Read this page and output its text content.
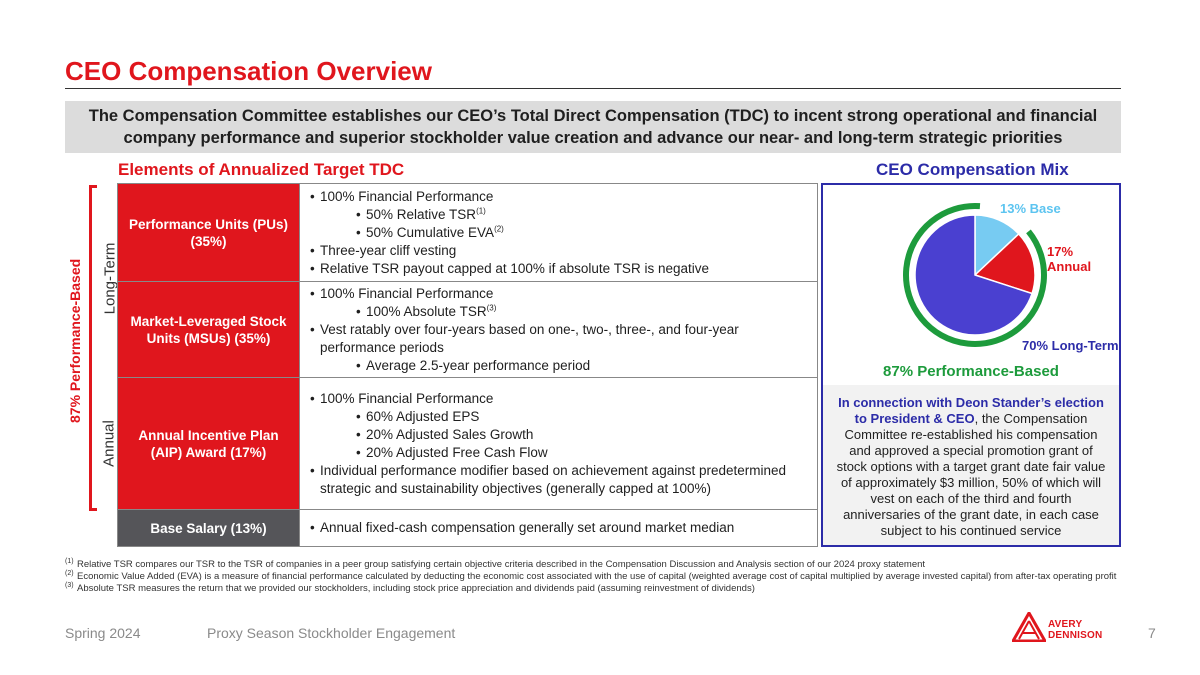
CEO Compensation Overview
The Compensation Committee establishes our CEO’s Total Direct Compensation (TDC) to incent strong operational and financial company performance and superior stockholder value creation and advance our near- and long-term strategic priorities
Elements of Annualized Target TDC	CEO Compensation Mix
87% Performance-Based Long-Term
Annual
Performance Units (PUs) (35%)
• 100% Financial Performance
• 50% Relative TSR$^{(1)}$
• 50% Cumulative EVA$^{(2)}$
• Three-year cliff vesting
• Relative TSR payout capped at 100% if absolute TSR is negative
Market-Leveraged Stock Units (MSUs) (35%)
• 100% Financial Performance
• 100% Absolute TSR$^{(3)}$
• Vest ratably over four-years based on one-, two-, three-, and four-year performance periods
• Average 2.5-year performance period
Annual Incentive Plan (AIP) Award (17%)
• 100% Financial Performance
• 60% Adjusted EPS
• 20% Adjusted Sales Growth
• 20% Adjusted Free Cash Flow
• Individual performance modifier based on achievement against predetermined strategic and sustainability objectives (generally capped at 100%)
Base Salary (13%)
•	Annual fixed-cash compensation generally set around market median
13% Base
17% Annual
70% Long-Term
87% Performance-Based
In connection with Deon Stander’s election to President & CEO, the Compensation Committee re-established his compensation and approved a special promotion grant of stock options with a target grant date fair value of approximately $3 million, 50% of which will vest on each of the third and fourth anniversaries of the grant date, in each case subject to his continued service
(1) Relative TSR compares our TSR to the TSR of companies in a peer group satisfying certain objective criteria described in the Compensation Discussion and Analysis section of our 2024 proxy statement
(2) Economic Value Added (EVA) is a measure of financial performance calculated by deducting the economic cost associated with the use of capital (weighted average cost of capital multiplied by average invested capital) from after-tax operating profit
(3) Absolute TSR measures the return that we provided our stockholders, including stock price appreciation and dividends paid (assuming reinvestment of dividends)
Spring 2024	Proxy Season Stockholder Engagement	7
AVERY
DENNISON
